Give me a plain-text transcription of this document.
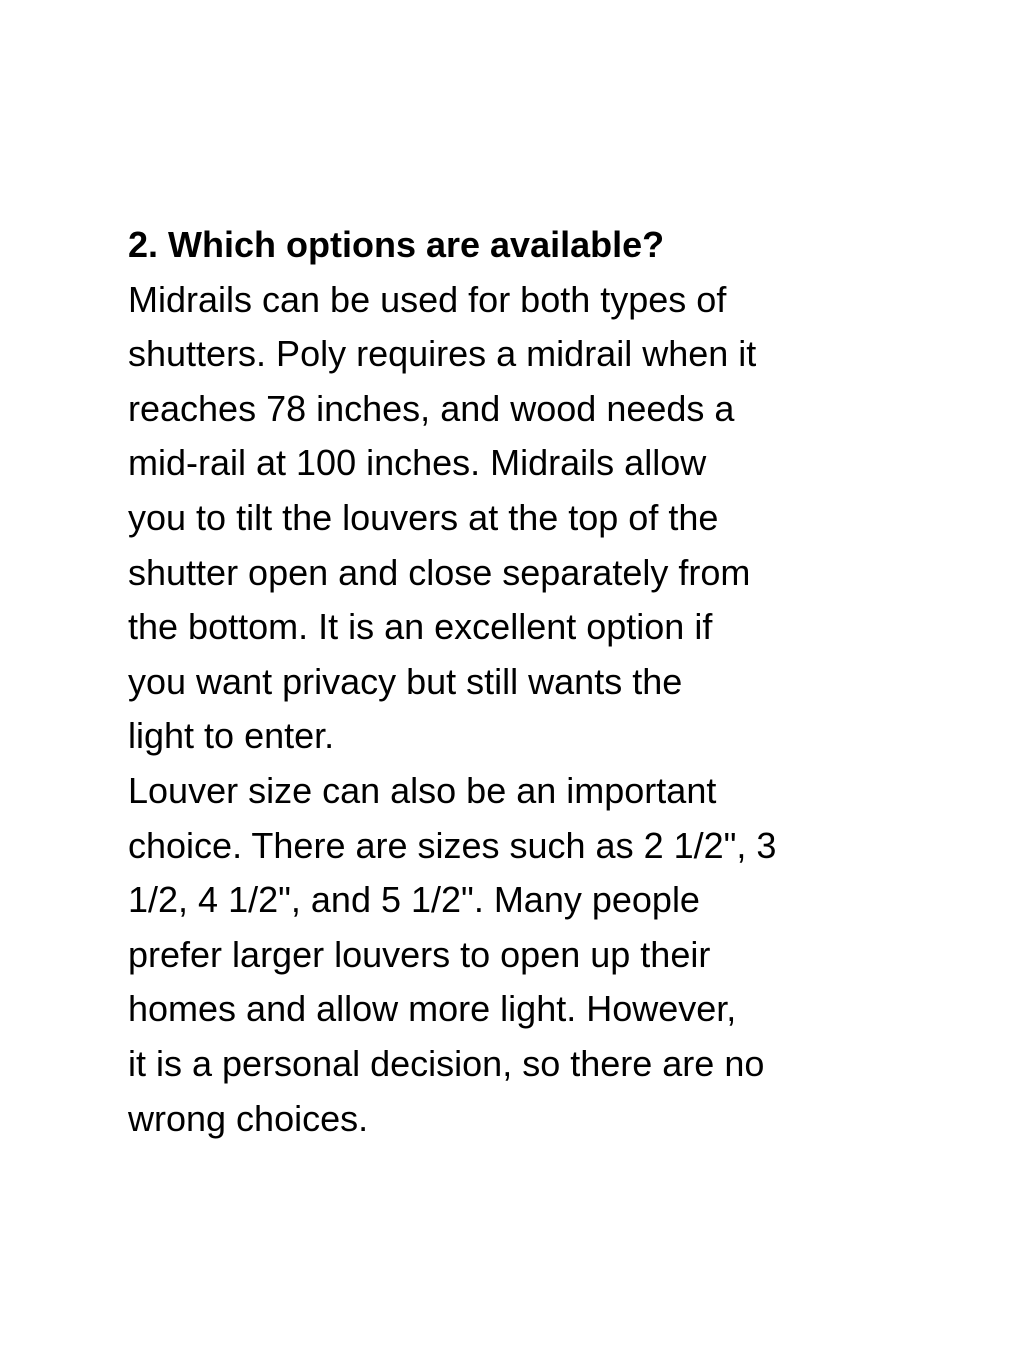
2. Which options are available?
Midrails can be used for both types of
shutters. Poly requires a midrail when it
reaches 78 inches, and wood needs a
mid-rail at 100 inches. Midrails allow
you to tilt the louvers at the top of the
shutter open and close separately from
the bottom. It is an excellent option if
you want privacy but still wants the
light to enter.
Louver size can also be an important
choice. There are sizes such as 2 1/2", 3
1/2, 4 1/2", and 5 1/2". Many people
prefer larger louvers to open up their
homes and allow more light. However,
it is a personal decision, so there are no
wrong choices.
